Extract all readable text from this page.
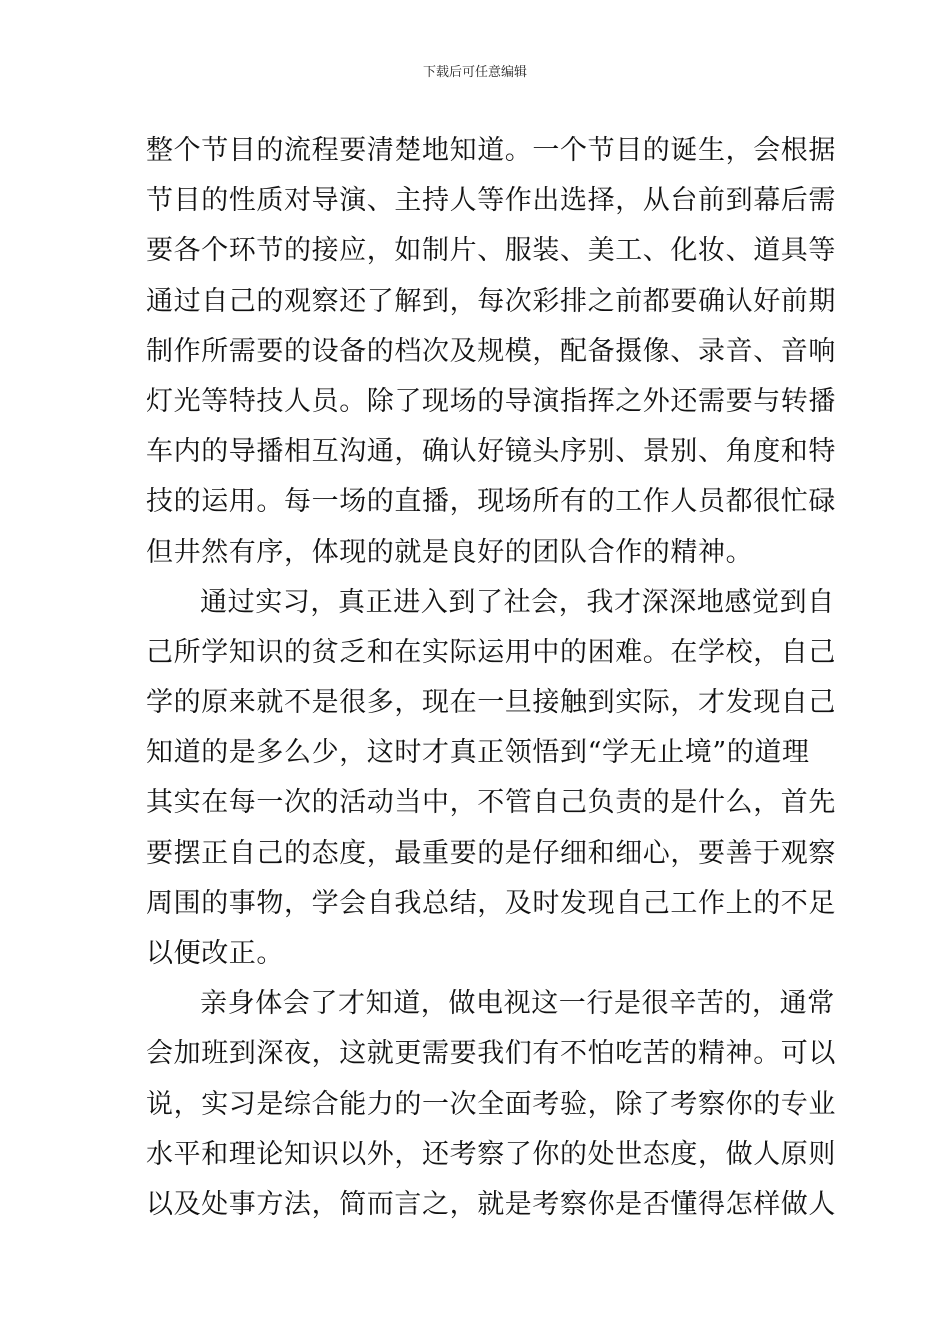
下载后可任意编辑
整个节目的流程要清楚地知道。一个节目的诞生，会根据
节目的性质对导演、主持人等作出选择，从台前到幕后需
要各个环节的接应，如制片、服装、美工、化妆、道具等
通过自己的观察还了解到，每次彩排之前都要确认好前期
制作所需要的设备的档次及规模，配备摄像、录音、音响
灯光等特技人员。除了现场的导演指挥之外还需要与转播
车内的导播相互沟通，确认好镜头序别、景别、角度和特
技的运用。每一场的直播，现场所有的工作人员都很忙碌
但井然有序，体现的就是良好的团队合作的精神。
通过实习，真正进入到了社会，我才深深地感觉到自
己所学知识的贫乏和在实际运用中的困难。在学校，自己
学的原来就不是很多，现在一旦接触到实际，才发现自己
知道的是多么少，这时才真正领悟到“学无止境”的道理
其实在每一次的活动当中，不管自己负责的是什么，首先
要摆正自己的态度，最重要的是仔细和细心，要善于观察
周围的事物，学会自我总结，及时发现自己工作上的不足
以便改正。
亲身体会了才知道，做电视这一行是很辛苦的，通常
会加班到深夜，这就更需要我们有不怕吃苦的精神。可以
说，实习是综合能力的一次全面考验，除了考察你的专业
水平和理论知识以外，还考察了你的处世态度，做人原则
以及处事方法，简而言之，就是考察你是否懂得怎样做人
